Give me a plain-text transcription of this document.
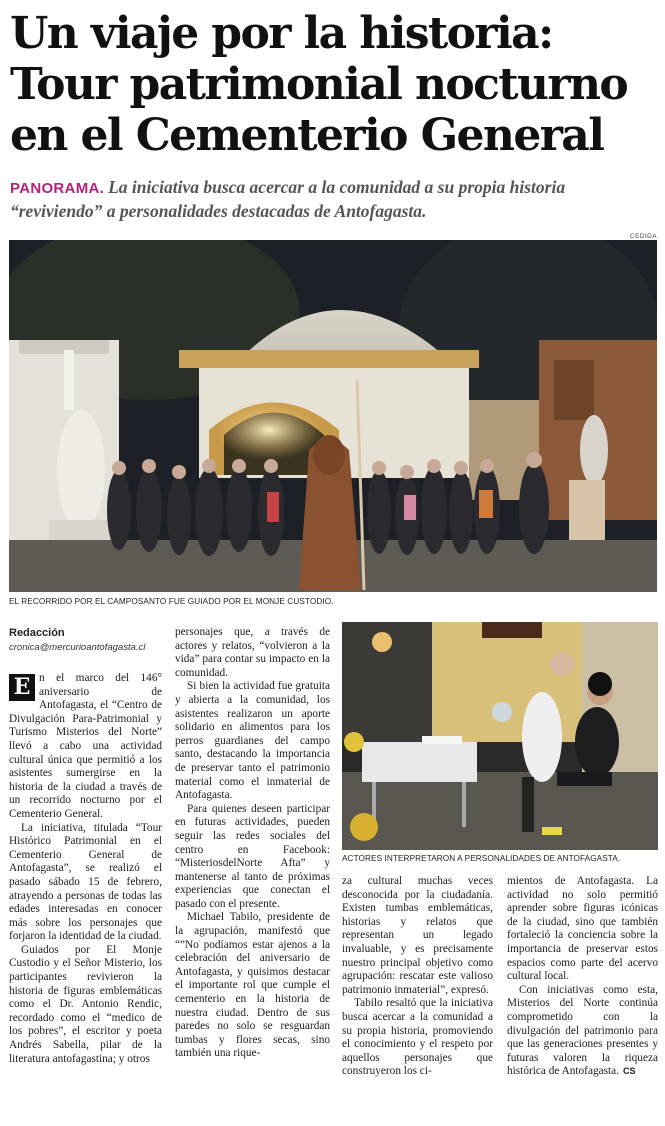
Un viaje por la historia: Tour patrimonial nocturno en el Cementerio General
PANORAMA. La iniciativa busca acercar a la comunidad a su propia historia “reviviendo” a personalidades destacadas de Antofagasta.
CEDIDA
EL RECORRIDO POR EL CAMPOSANTO FUE GUIADO POR EL MONJE CUSTODIO.
Redacción
cronica@mercurioantofagasta.cl

E n el marco del 146° aniversario de Antofagasta, el “Centro de Divulgación Para-Patrimonial y Turismo Misterios del Norte” llevó a cabo una actividad cultural única que permitió a los asistentes sumergirse en la historia de la ciudad a través de un recorrido nocturno por el Cementerio General.

La iniciativa, titulada “Tour Histórico Patrimonial en el Cementerio General de Antofagasta”, se realizó el pasado sábado 15 de febrero, atrayendo a personas de todas las edades interesadas en conocer más sobre los personajes que forjaron la identidad de la ciudad.

Guiados por El Monje Custodio y el Señor Misterio, los participantes revivieron la historia de figuras emblemáticas como el Dr. Antonio Rendic, recordado como el “medico de los pobres”, el escritor y poeta Andrés Sabella, pilar de la literatura antofagastina; y otros

personajes que, a través de actores y relatos, “volvieron a la vida” para contar su impacto en la comunidad.

Si bien la actividad fue gratuita y abierta a la comunidad, los asistentes realizaron un aporte solidario en alimentos para los perros guardianes del campo santo, destacando la importancia de preservar tanto el patrimonio material como el inmaterial de Antofagasta.

Para quienes deseen participar en futuras actividades, pueden seguir las redes sociales del centro en Facebook: “MisteriosdelNorte Afta” y mantenerse al tanto de próximas experiencias que conectan el pasado con el presente.

Michael Tabilo, presidente de la agrupación, manifestó que “”No podíamos estar ajenos a la celebración del aniversario de Antofagasta, y quisimos destacar el importante rol que cumple el cementerio en la historia de nuestra ciudad. Dentro de sus paredes no solo se resguardan tumbas y flores secas, sino también una rique-

ACTORES INTERPRETARON A PERSONALIDADES DE ANTOFAGASTA.

za cultural muchas veces desconocida por la ciudadanía. Existen tumbas emblemáticas, historias y relatos que representan un legado invaluable, y es precisamente nuestro principal objetivo como agrupación: rescatar este valioso patrimonio inmaterial”, expresó.

Tabilo resaltó que la iniciativa busca acercar a la comunidad a su propia historia, promoviendo el conocimiento y el respeto por aquellos personajes que construyeron los ci-

mientos de Antofagasta. La actividad no solo permitió aprender sobre figuras icónicas de la ciudad, sino que también fortaleció la conciencia sobre la importancia de preservar estos espacios como parte del acervo cultural local.

Con iniciativas como esta, Misterios del Norte continúa comprometido con la divulgación del patrimonio para que las generaciones presentes y futuras valoren la riqueza histórica de Antofagasta. CS
